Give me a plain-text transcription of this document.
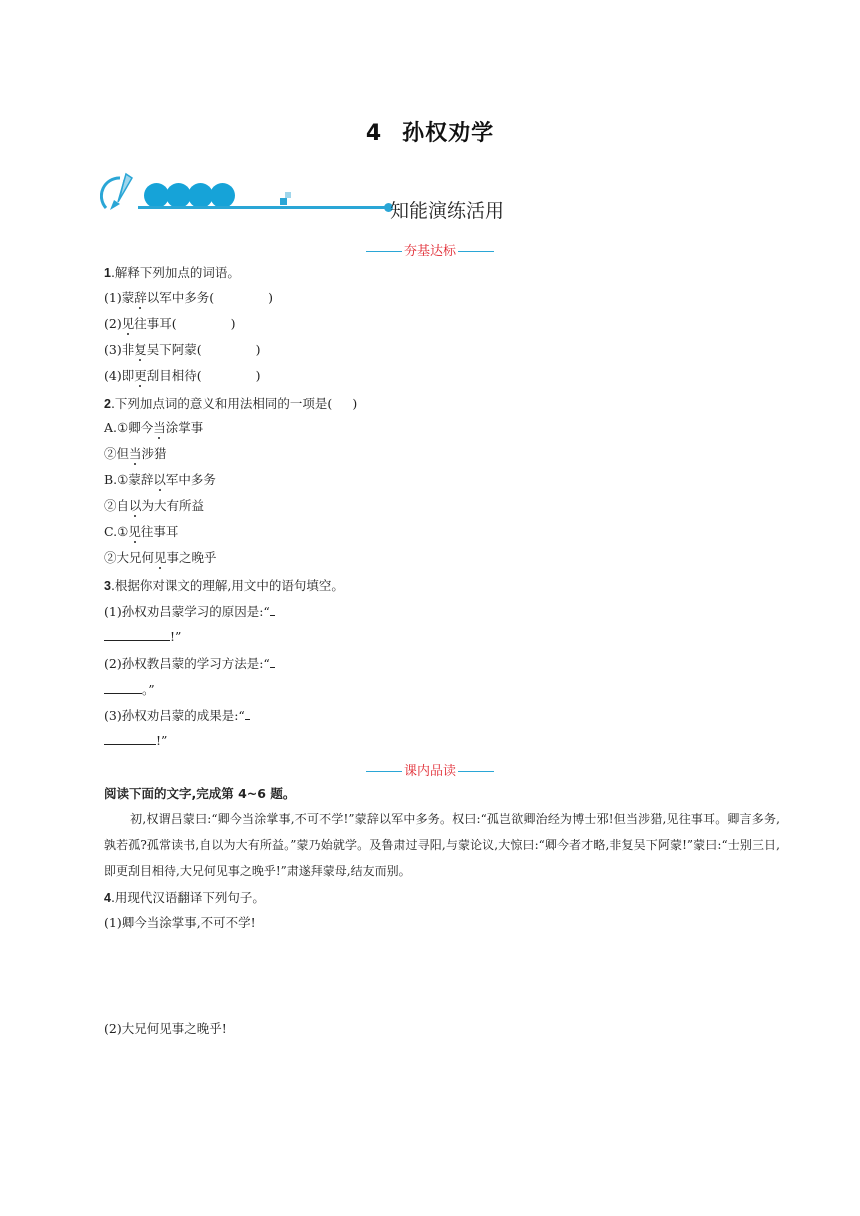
4 孙权劝学
知能演练活用
夯基达标
1.解释下列加点的词语。
(1)蒙辞以军中多务(	)
(2)见往事耳(	)
(3)非复吴下阿蒙(	)
(4)即更刮目相待(	)
2.下列加点词的意义和用法相同的一项是( )
A.①卿今当涂掌事
②但当涉猎
B.①蒙辞以军中多务
②自以为大有所益
C.①见往事耳
②大兄何见事之晚乎
3.根据你对课文的理解,用文中的语句填空。
(1)孙权劝吕蒙学习的原因是:“
!”
(2)孙权教吕蒙的学习方法是:“
。”
(3)孙权劝吕蒙的成果是:“
!”
课内品读
阅读下面的文字,完成第 4~6 题。
初,权谓吕蒙曰:“卿今当涂掌事,不可不学!”蒙辞以军中多务。权曰:“孤岂欲卿治经为博士邪!但当涉猎,见往事耳。卿言多务,孰若孤?孤常读书,自以为大有所益。”蒙乃始就学。及鲁肃过寻阳,与蒙论议,大惊曰:“卿今者才略,非复吴下阿蒙!”蒙曰:“士别三日,即更刮目相待,大兄何见事之晚乎!”肃遂拜蒙母,结友而别。
4.用现代汉语翻译下列句子。
(1)卿今当涂掌事,不可不学!
(2)大兄何见事之晚乎!
